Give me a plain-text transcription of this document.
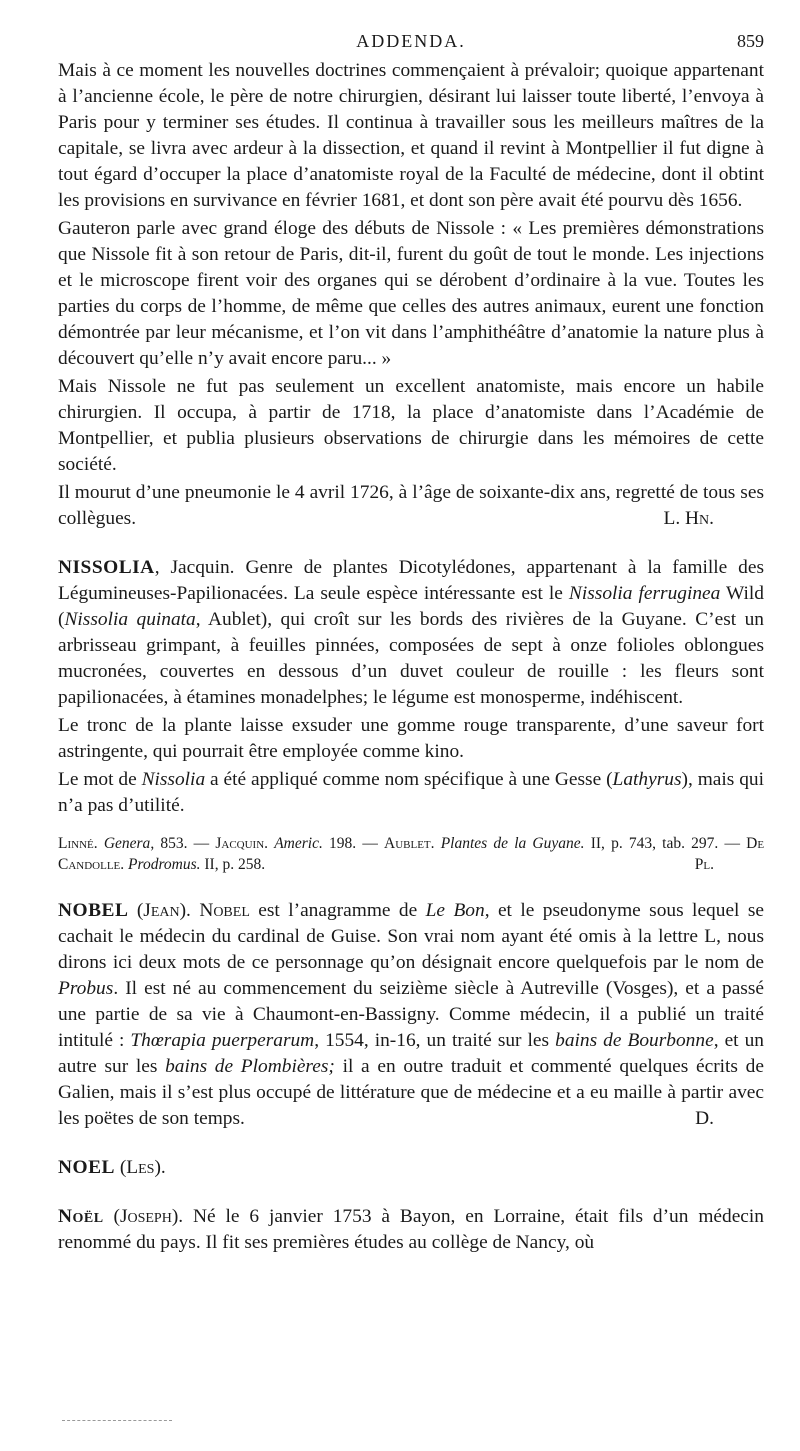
ADDENDA.	859

Mais à ce moment les nouvelles doctrines commençaient à prévaloir; quoique appartenant à l’ancienne école, le père de notre chirurgien, désirant lui laisser toute liberté, l’envoya à Paris pour y terminer ses études. Il continua à travailler sous les meilleurs maîtres de la capitale, se livra avec ardeur à la dissection, et quand il revint à Montpellier il fut digne à tout égard d’occuper la place d’anatomiste royal de la Faculté de médecine, dont il obtint les provisions en survivance en février 1681, et dont son père avait été pourvu dès 1656.

Gauteron parle avec grand éloge des débuts de Nissole : « Les premières démonstrations que Nissole fit à son retour de Paris, dit-il, furent du goût de tout le monde. Les injections et le microscope firent voir des organes qui se dérobent d’ordinaire à la vue. Toutes les parties du corps de l’homme, de même que celles des autres animaux, eurent une fonction démontrée par leur mécanisme, et l’on vit dans l’amphithéâtre d’anatomie la nature plus à découvert qu’elle n’y avait encore paru... »

Mais Nissole ne fut pas seulement un excellent anatomiste, mais encore un habile chirurgien. Il occupa, à partir de 1718, la place d’anatomiste dans l’Académie de Montpellier, et publia plusieurs observations de chirurgie dans les mémoires de cette société.

Il mourut d’une pneumonie le 4 avril 1726, à l’âge de soixante-dix ans, regretté de tous ses collègues.	L. Hn.

NISSOLIA, Jacquin. Genre de plantes Dicotylédones, appartenant à la famille des Légumineuses-Papilionacées. La seule espèce intéressante est le Nissolia ferruginea Wild (Nissolia quinata, Aublet), qui croît sur les bords des rivières de la Guyane. C’est un arbrisseau grimpant, à feuilles pinnées, composées de sept à onze folioles oblongues mucronées, couvertes en dessous d’un duvet couleur de rouille : les fleurs sont papilionacées, à étamines monadelphes; le légume est monosperme, indéhiscent.

Le tronc de la plante laisse exsuder une gomme rouge transparente, d’une saveur fort astringente, qui pourrait être employée comme kino.

Le mot de Nissolia a été appliqué comme nom spécifique à une Gesse (Lathyrus), mais qui n’a pas d’utilité.

Linné. Genera, 853. — Jacquin. Americ. 198. — Aublet. Plantes de la Guyane. II, p. 743, tab. 297. — De Candolle. Prodromus. II, p. 258.	Pl.

NOBEL (Jean). Nobel est l’anagramme de Le Bon, et le pseudonyme sous lequel se cachait le médecin du cardinal de Guise. Son vrai nom ayant été omis à la lettre L, nous dirons ici deux mots de ce personnage qu’on désignait encore quelquefois par le nom de Probus. Il est né au commencement du seizième siècle à Autreville (Vosges), et a passé une partie de sa vie à Chaumont-en-Bassigny. Comme médecin, il a publié un traité intitulé : Thœrapia puerperarum, 1554, in-16, un traité sur les bains de Bourbonne, et un autre sur les bains de Plombières; il a en outre traduit et commenté quelques écrits de Galien, mais il s’est plus occupé de littérature que de médecine et a eu maille à partir avec les poëtes de son temps.	D.

NOEL (Les).

Noël (Joseph). Né le 6 janvier 1753 à Bayon, en Lorraine, était fils d’un médecin renommé du pays. Il fit ses premières études au collège de Nancy, où
